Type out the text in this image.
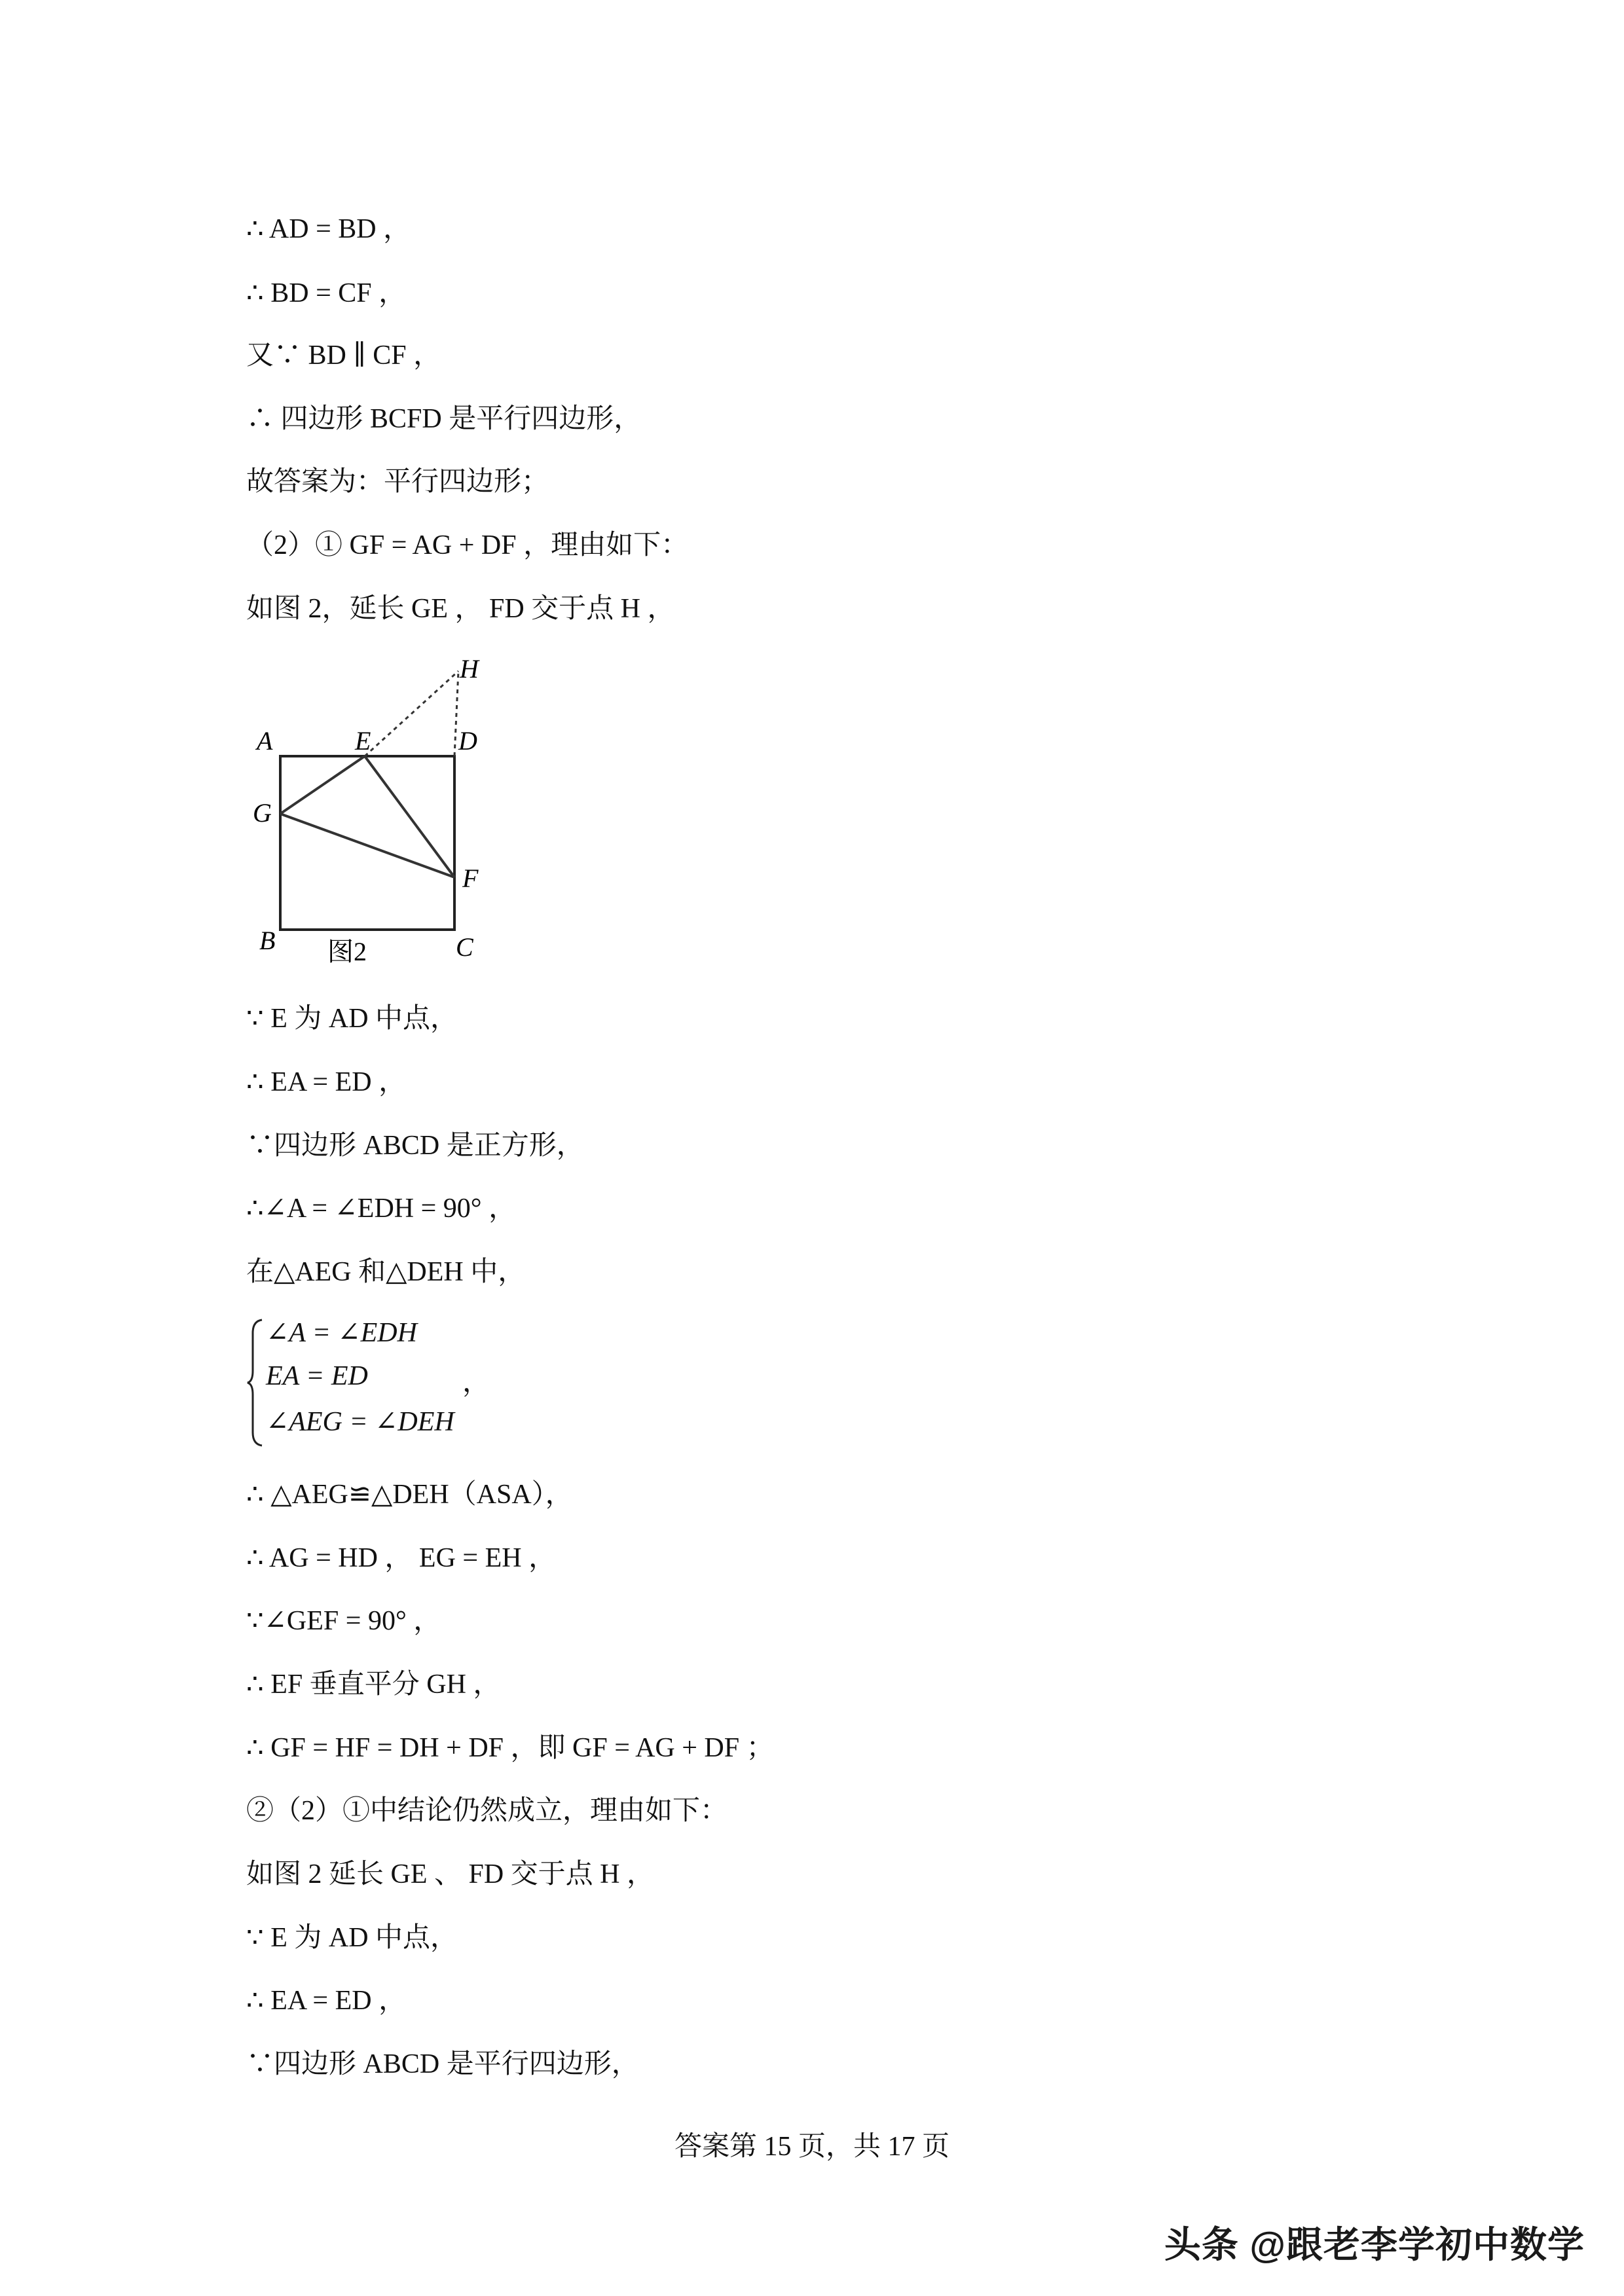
∴ AD = BD ，
∴ BD = CF ，
又∵ BD ∥ CF ，
∴ 四边形 BCFD 是平行四边形，
故答案为：平行四边形；
（2）① GF = AG + DF ，理由如下：
如图 2，延长 GE ， FD 交于点 H ，
A	E	D
H
G
F
B	C
图2
∵ E 为 AD 中点，
∴ EA = ED ，
∵四边形 ABCD 是正方形，
∴∠A = ∠EDH = 90° ，
在△AEG 和△DEH 中，
∠A = ∠EDH
EA = ED
∠AEG = ∠DEH
，
∴ △AEG≌△DEH（ASA），
∴ AG = HD ， EG = EH ，
∵∠GEF = 90° ，
∴ EF 垂直平分 GH ，
∴ GF = HF = DH + DF ，即 GF = AG + DF ；
②（2）①中结论仍然成立，理由如下：
如图 2 延长 GE 、 FD 交于点 H ，
∵ E 为 AD 中点，
∴ EA = ED ，
∵四边形 ABCD 是平行四边形，
答案第 15 页，共 17 页
头条 @跟老李学初中数学
